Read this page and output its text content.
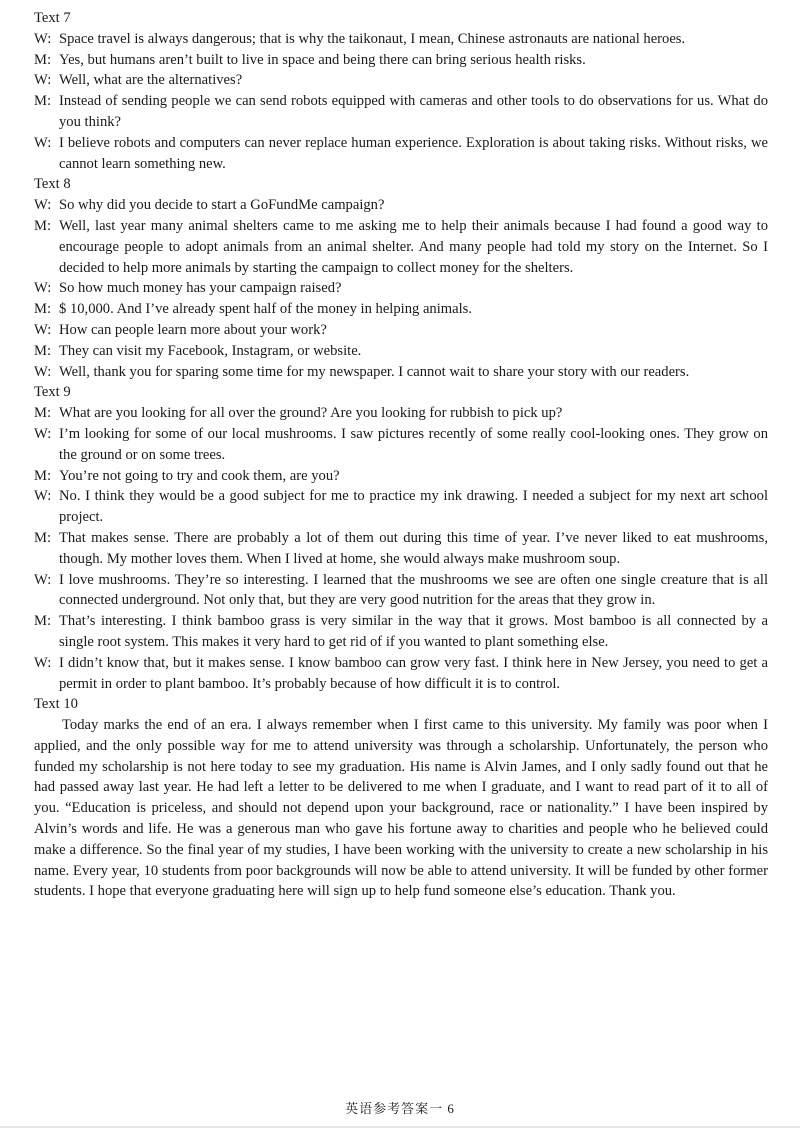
Text 7

W: Space travel is always dangerous; that is why the taikonaut, I mean, Chinese astronauts are national heroes.
M: Yes, but humans aren’t built to live in space and being there can bring serious health risks.
W: Well, what are the alternatives?
M: Instead of sending people we can send robots equipped with cameras and other tools to do observations for us. What do you think?
W: I believe robots and computers can never replace human experience. Exploration is about taking risks. Without risks, we cannot learn something new.

Text 8

W: So why did you decide to start a GoFundMe campaign?
M: Well, last year many animal shelters came to me asking me to help their animals because I had found a good way to encourage people to adopt animals from an animal shelter. And many people had told my story on the Internet. So I decided to help more animals by starting the campaign to collect money for the shelters.
W: So how much money has your campaign raised?
M: $ 10,000. And I’ve already spent half of the money in helping animals.
W: How can people learn more about your work?
M: They can visit my Facebook, Instagram, or website.
W: Well, thank you for sparing some time for my newspaper. I cannot wait to share your story with our readers.

Text 9

M: What are you looking for all over the ground? Are you looking for rubbish to pick up?
W: I’m looking for some of our local mushrooms. I saw pictures recently of some really cool-looking ones. They grow on the ground or on some trees.
M: You’re not going to try and cook them, are you?
W: No. I think they would be a good subject for me to practice my ink drawing. I needed a subject for my next art school project.
M: That makes sense. There are probably a lot of them out during this time of year. I’ve never liked to eat mushrooms, though. My mother loves them. When I lived at home, she would always make mushroom soup.
W: I love mushrooms. They’re so interesting. I learned that the mushrooms we see are often one single creature that is all connected underground. Not only that, but they are very good nutrition for the areas that they grow in.
M: That’s interesting. I think bamboo grass is very similar in the way that it grows. Most bamboo is all connected by a single root system. This makes it very hard to get rid of if you wanted to plant something else.
W: I didn’t know that, but it makes sense. I know bamboo can grow very fast. I think here in New Jersey, you need to get a permit in order to plant bamboo. It’s probably because of how difficult it is to control.

Text 10

Today marks the end of an era. I always remember when I first came to this university. My family was poor when I applied, and the only possible way for me to attend university was through a scholarship. Unfortunately, the person who funded my scholarship is not here today to see my graduation. His name is Alvin James, and I only sadly found out that he had passed away last year. He had left a letter to be delivered to me when I graduate, and I want to read part of it to all of you. “Education is priceless, and should not depend upon your background, race or nationality.” I have been inspired by Alvin’s words and life. He was a generous man who gave his fortune away to charities and people who he believed could make a difference. So the final year of my studies, I have been working with the university to create a new scholarship in his name. Every year, 10 students from poor backgrounds will now be able to attend university. It will be funded by other former students. I hope that everyone graduating here will sign up to help fund someone else’s education. Thank you.

英语参考答案一 6
